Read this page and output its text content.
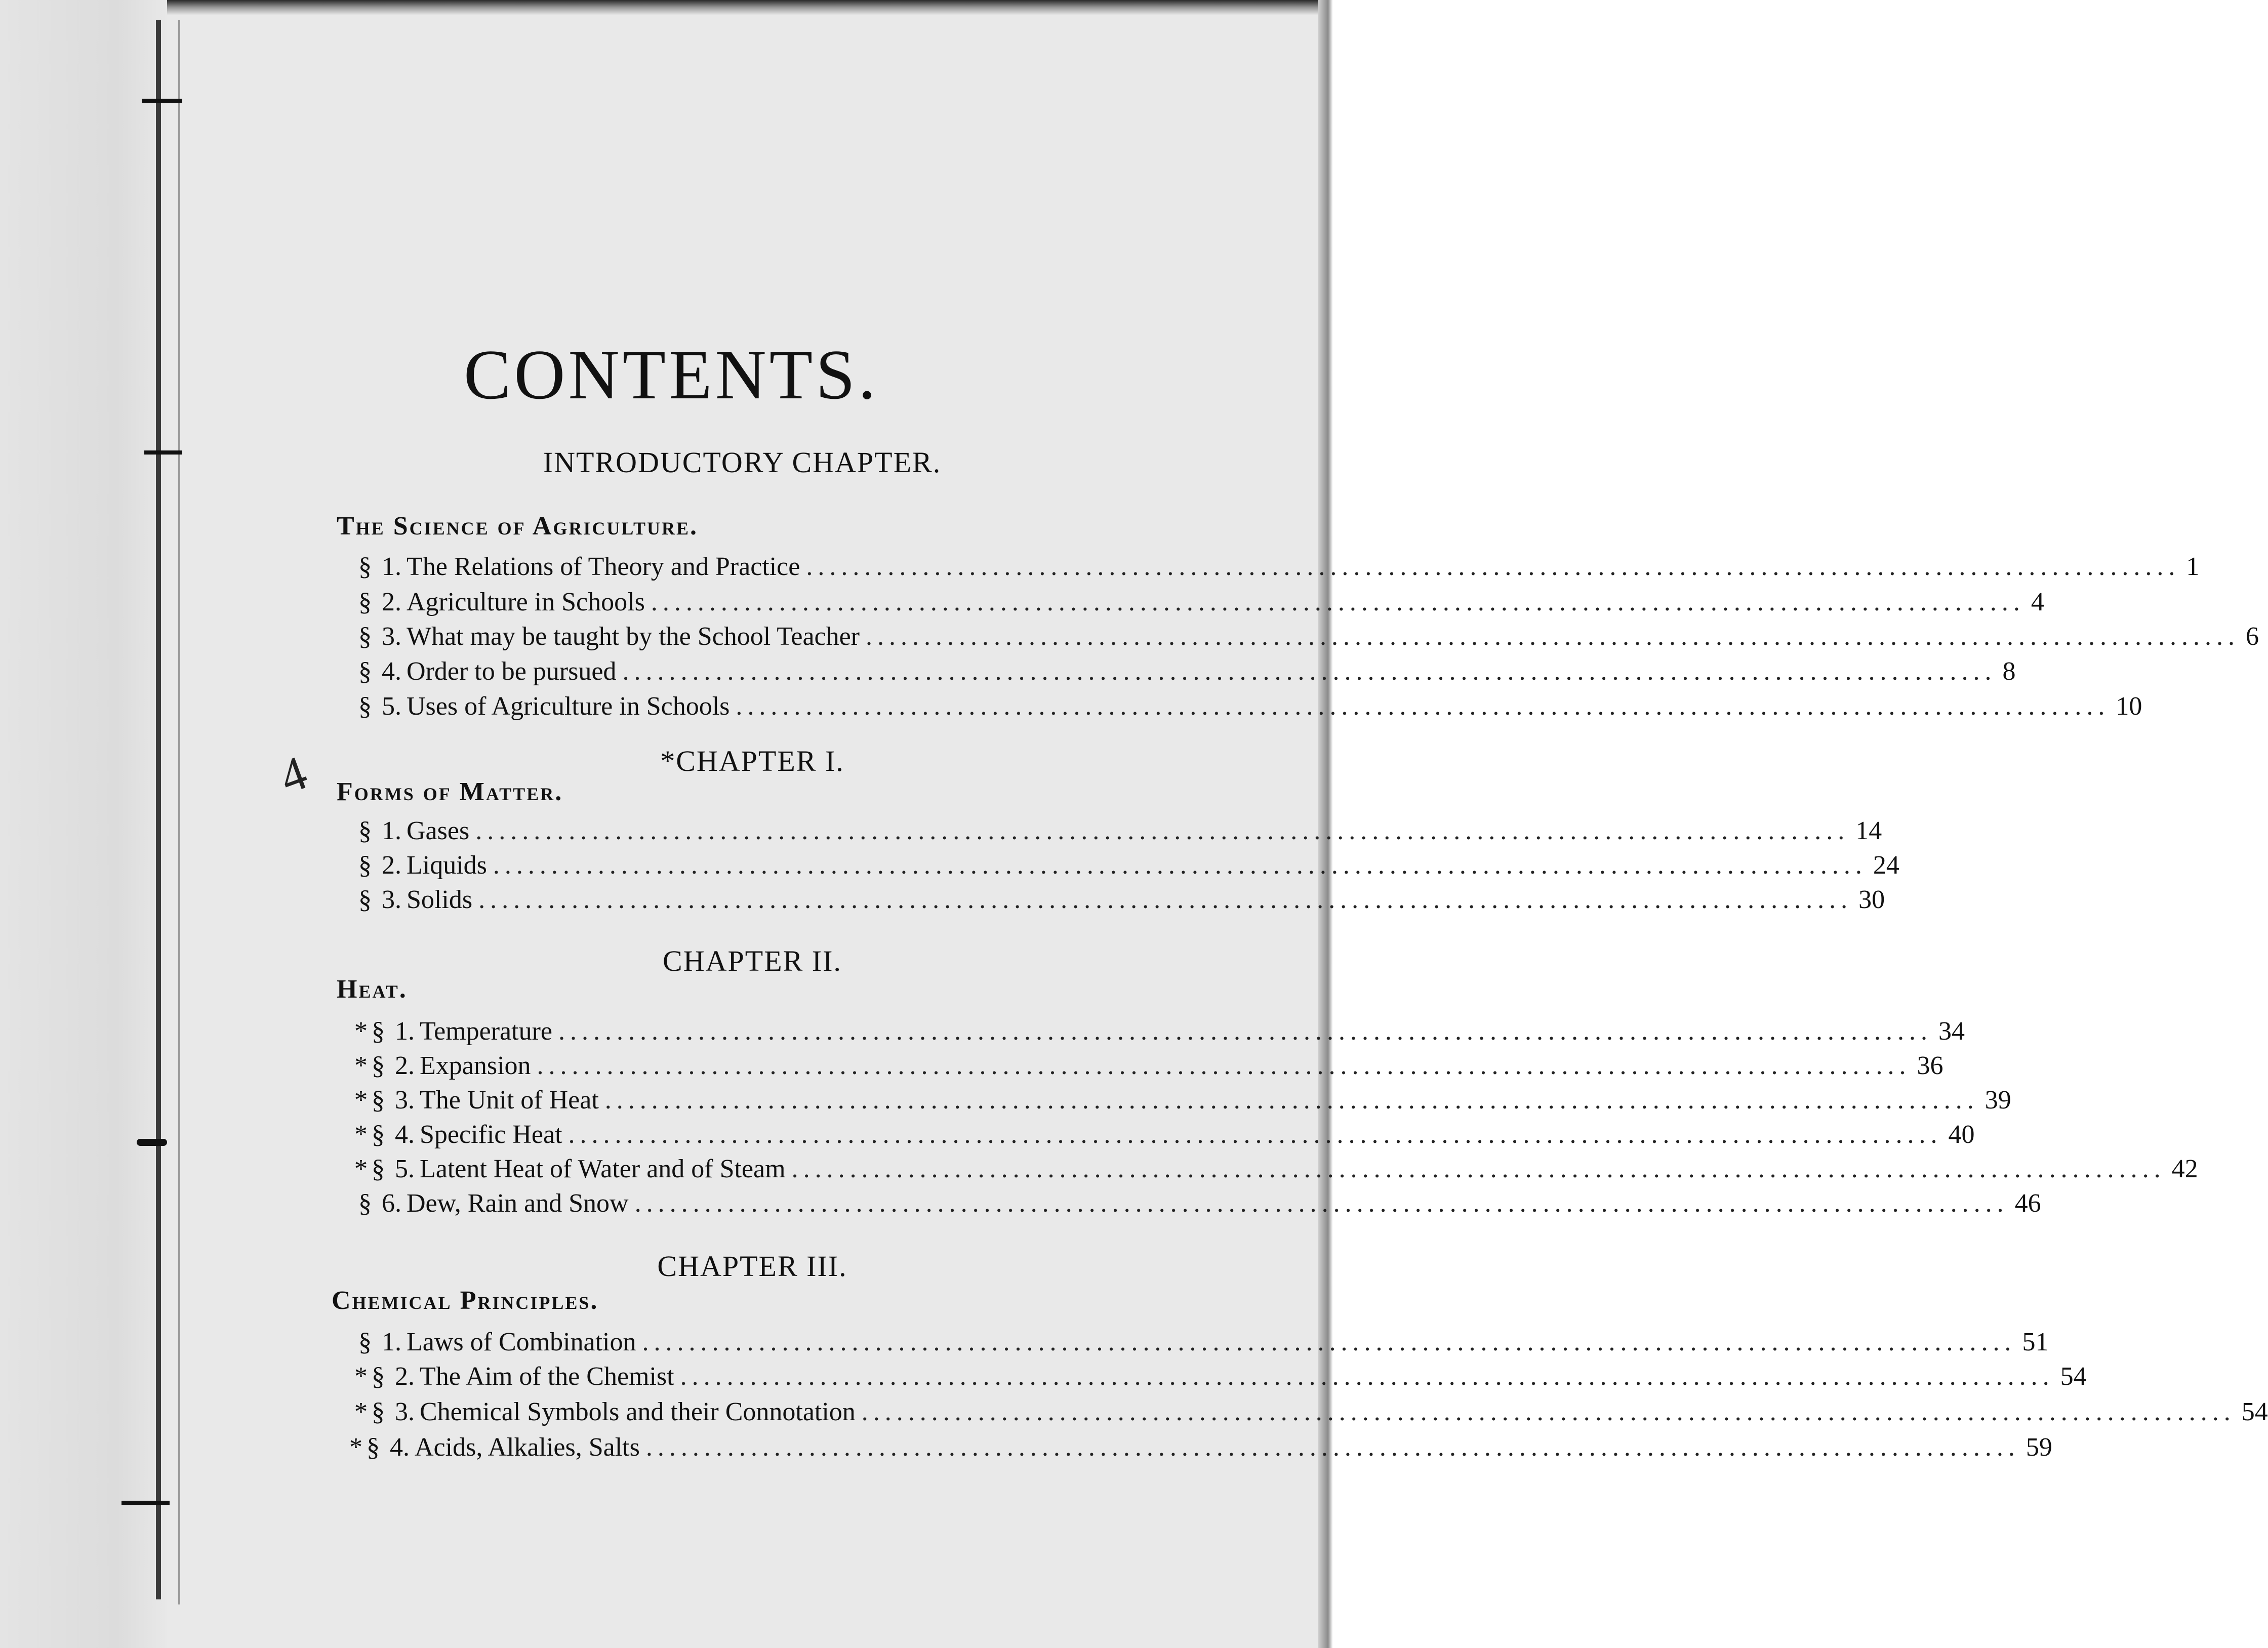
4
CONTENTS.
INTRODUCTORY CHAPTER.
The Science of Agriculture.
§ 1. The Relations of Theory and Practice ...................................................................................................................... 1
§ 2. Agriculture in Schools ...................................................................................................................... 4
§ 3. What may be taught by the School Teacher ...................................................................................................................... 6
§ 4. Order to be pursued ...................................................................................................................... 8
§ 5. Uses of Agriculture in Schools ...................................................................................................................... 10
*CHAPTER I.
Forms of Matter.
§ 1. Gases ...................................................................................................................... 14
§ 2. Liquids ...................................................................................................................... 24
§ 3. Solids ...................................................................................................................... 30
CHAPTER II.
Heat.
* § 1. Temperature ...................................................................................................................... 34
* § 2. Expansion ...................................................................................................................... 36
* § 3. The Unit of Heat ...................................................................................................................... 39
* § 4. Specific Heat ...................................................................................................................... 40
* § 5. Latent Heat of Water and of Steam ...................................................................................................................... 42
§ 6. Dew, Rain and Snow ...................................................................................................................... 46
CHAPTER III.
Chemical Principles.
§ 1. Laws of Combination ...................................................................................................................... 51
* § 2. The Aim of the Chemist ...................................................................................................................... 54
* § 3. Chemical Symbols and their Connotation ...................................................................................................................... 54
* § 4. Acids, Alkalies, Salts ...................................................................................................................... 59
